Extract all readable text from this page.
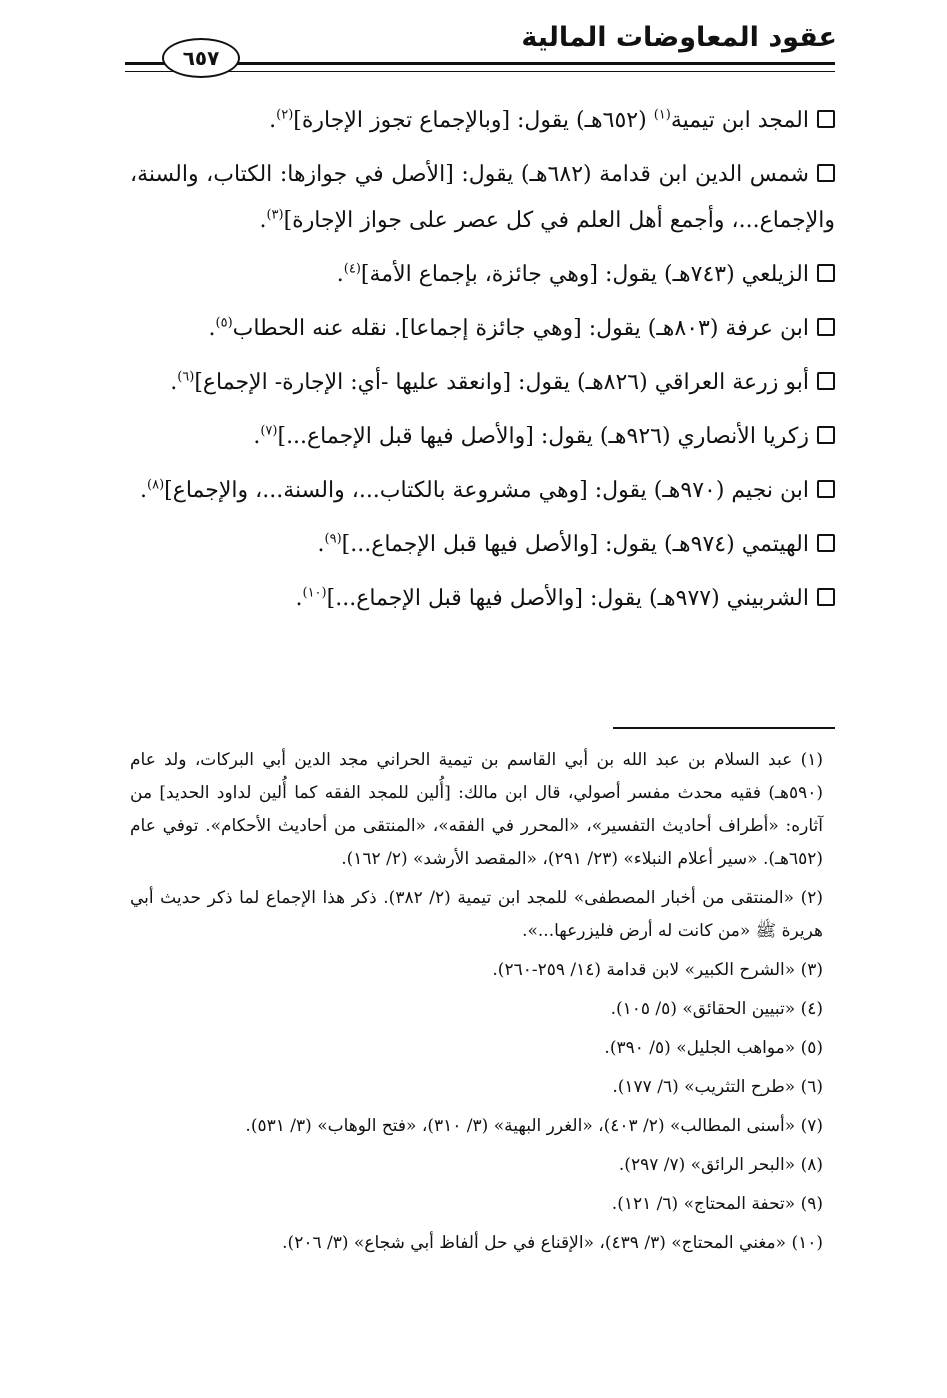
عقود المعاوضات المالية
٦٥٧

المجد ابن تيمية$^{(١)}$ (٦٥٢هـ) يقول: [وبالإجماع تجوز الإجارة]$^{(٢)}$.

شمس الدين ابن قدامة (٦٨٢هـ) يقول: [الأصل في جوازها: الكتاب، والسنة، والإجماع...، وأجمع أهل العلم في كل عصر على جواز الإجارة]$^{(٣)}$.

الزيلعي (٧٤٣هـ) يقول: [وهي جائزة، بإجماع الأمة]$^{(٤)}$.

ابن عرفة (٨٠٣هـ) يقول: [وهي جائزة إجماعا]. نقله عنه الحطاب$^{(٥)}$.

أبو زرعة العراقي (٨٢٦هـ) يقول: [وانعقد عليها -أي: الإجارة- الإجماع]$^{(٦)}$.

زكريا الأنصاري (٩٢٦هـ) يقول: [والأصل فيها قبل الإجماع...]$^{(٧)}$.

ابن نجيم (٩٧٠هـ) يقول: [وهي مشروعة بالكتاب...، والسنة...، والإجماع]$^{(٨)}$.

الهيتمي (٩٧٤هـ) يقول: [والأصل فيها قبل الإجماع...]$^{(٩)}$.

الشربيني (٩٧٧هـ) يقول: [والأصل فيها قبل الإجماع...]$^{(١٠)}$.

(١) عبد السلام بن عبد الله بن أبي القاسم بن تيمية الحراني مجد الدين أبي البركات، ولد عام (٥٩٠هـ) فقيه محدث مفسر أصولي، قال ابن مالك: [أُلين للمجد الفقه كما أُلين لداود الحديد] من آثاره: «أطراف أحاديث التفسير»، «المحرر في الفقه»، «المنتقى من أحاديث الأحكام». توفي عام (٦٥٢هـ). «سير أعلام النبلاء» (٢٣/ ٢٩١)، «المقصد الأرشد» (٢/ ١٦٢).

(٢) «المنتقى من أخبار المصطفى» للمجد ابن تيمية (٢/ ٣٨٢). ذكر هذا الإجماع لما ذكر حديث أبي هريرة ﷺ «من كانت له أرض فليزرعها...».

(٣) «الشرح الكبير» لابن قدامة (١٤/ ٢٥٩-٢٦٠).

(٤) «تبيين الحقائق» (٥/ ١٠٥).

(٥) «مواهب الجليل» (٥/ ٣٩٠).

(٦) «طرح التثريب» (٦/ ١٧٧).

(٧) «أسنى المطالب» (٢/ ٤٠٣)، «الغرر البهية» (٣/ ٣١٠)، «فتح الوهاب» (٣/ ٥٣١).

(٨) «البحر الرائق» (٧/ ٢٩٧).

(٩) «تحفة المحتاج» (٦/ ١٢١).

(١٠) «مغني المحتاج» (٣/ ٤٣٩)، «الإقناع في حل ألفاظ أبي شجاع» (٣/ ٢٠٦).
